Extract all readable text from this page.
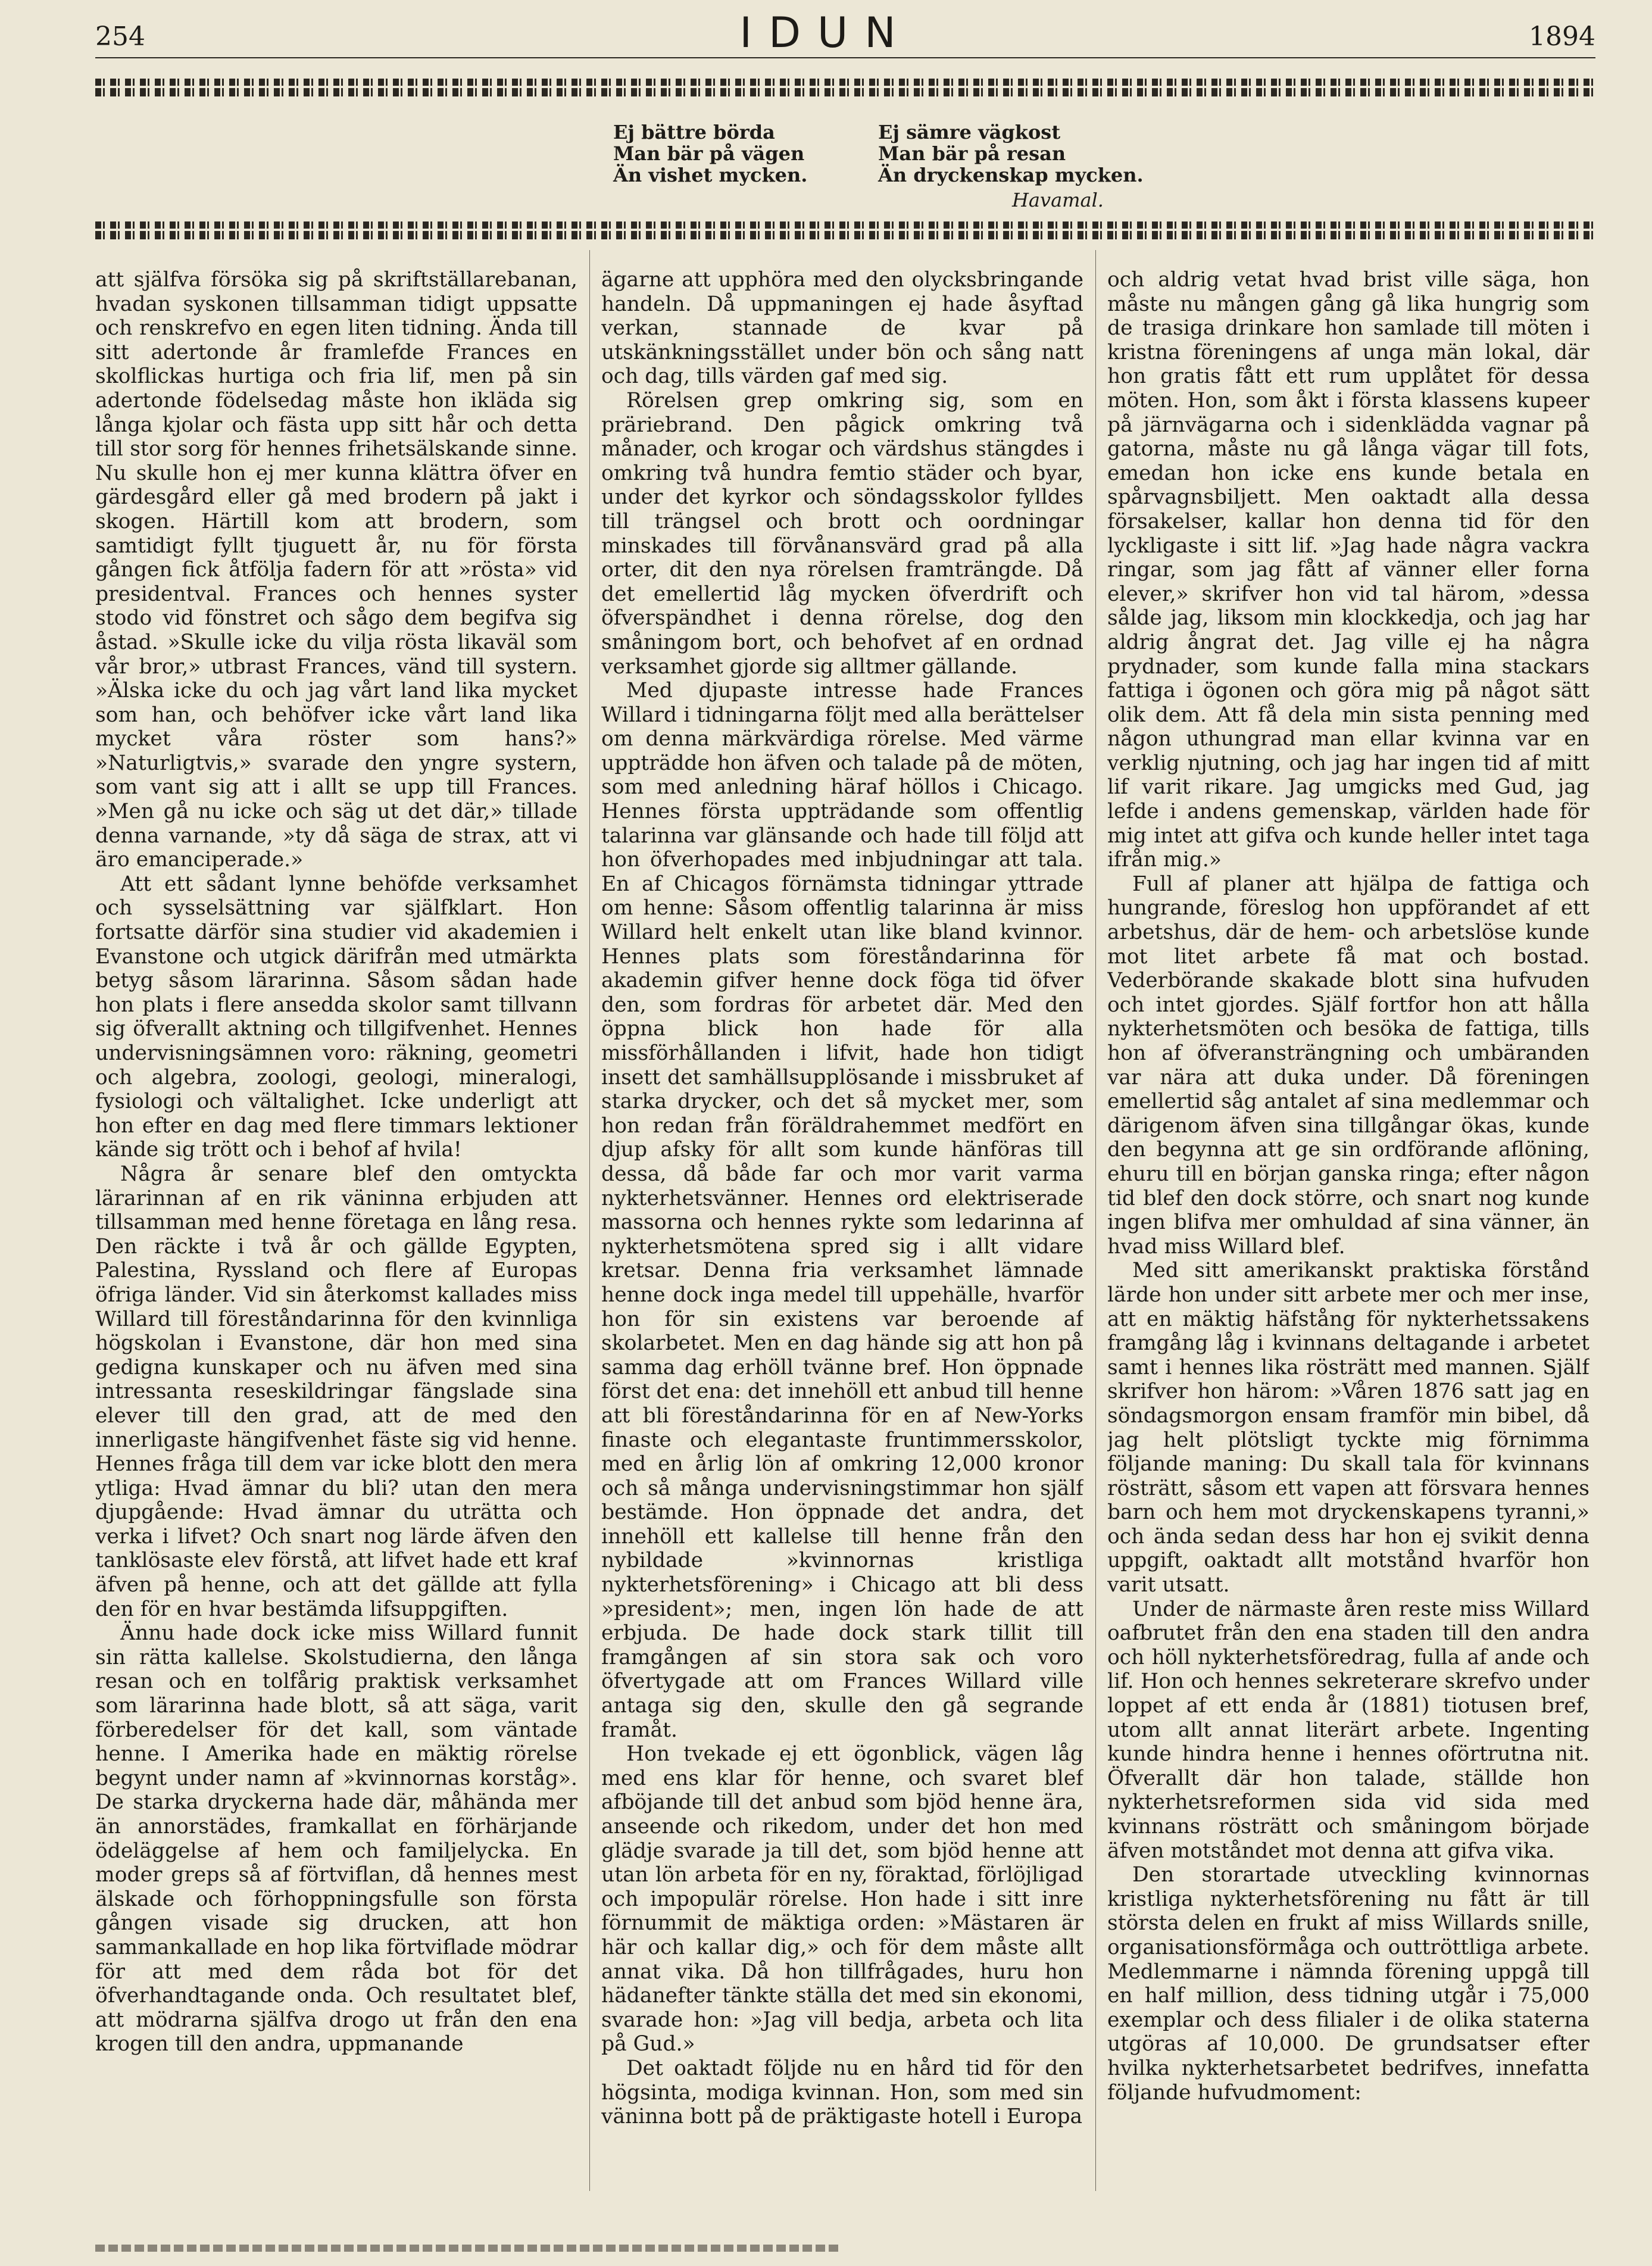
254	IDUN	1894
Ej bättre börda
Man bär på vägen
Än vishet mycken.
Ej sämre vägkost
Man bär på resan
Än dryckenskap mycken.
Havamal.

att själfva försöka sig på skriftställarebanan, hvadan syskonen tillsamman tidigt uppsatte och renskrefvo en egen liten tidning. Ända till sitt adertonde år framlefde Frances en skolflickas hurtiga och fria lif, men på sin adertonde födelsedag måste hon ikläda sig långa kjolar och fästa upp sitt hår och detta till stor sorg för hennes frihetsälskande sinne. Nu skulle hon ej mer kunna klättra öfver en gärdesgård eller gå med brodern på jakt i skogen. Härtill kom att brodern, som samtidigt fyllt tjuguett år, nu för första gången fick åtfölja fadern för att »rösta» vid presidentval. Frances och hennes syster stodo vid fönstret och sågo dem begifva sig åstad. »Skulle icke du vilja rösta likaväl som vår bror,» utbrast Frances, vänd till systern. »Älska icke du och jag vårt land lika mycket som han, och behöfver icke vårt land lika mycket våra röster som hans?» »Naturligtvis,» svarade den yngre systern, som vant sig att i allt se upp till Frances. »Men gå nu icke och säg ut det där,» tillade denna varnande, »ty då säga de strax, att vi äro emanciperade.»

Att ett sådant lynne behöfde verksamhet och sysselsättning var själfklart. Hon fortsatte därför sina studier vid akademien i Evanstone och utgick därifrån med utmärkta betyg såsom lärarinna. Såsom sådan hade hon plats i flere ansedda skolor samt tillvann sig öfverallt aktning och tillgifvenhet. Hennes undervisningsämnen voro: räkning, geometri och algebra, zoologi, geologi, mineralogi, fysiologi och vältalighet. Icke underligt att hon efter en dag med flere timmars lektioner kände sig trött och i behof af hvila!

Några år senare blef den omtyckta lärarinnan af en rik väninna erbjuden att tillsamman med henne företaga en lång resa. Den räckte i två år och gällde Egypten, Palestina, Ryssland och flere af Europas öfriga länder. Vid sin återkomst kallades miss Willard till föreståndarinna för den kvinnliga högskolan i Evanstone, där hon med sina gedigna kunskaper och nu äfven med sina intressanta reseskildringar fängslade sina elever till den grad, att de med den innerligaste hängifvenhet fäste sig vid henne. Hennes fråga till dem var icke blott den mera ytliga: Hvad ämnar du bli? utan den mera djupgående: Hvad ämnar du uträtta och verka i lifvet? Och snart nog lärde äfven den tanklösaste elev förstå, att lifvet hade ett kraf äfven på henne, och att det gällde att fylla den för en hvar bestämda lifsuppgiften.

Ännu hade dock icke miss Willard funnit sin rätta kallelse. Skolstudierna, den långa resan och en tolfårig praktisk verksamhet som lärarinna hade blott, så att säga, varit förberedelser för det kall, som väntade henne. I Amerika hade en mäktig rörelse begynt under namn af »kvinnornas korståg». De starka dryckerna hade där, måhända mer än annorstädes, framkallat en förhärjande ödeläggelse af hem och familjelycka. En moder greps så af förtviflan, då hennes mest älskade och förhoppningsfulle son första gången visade sig drucken, att hon sammankallade en hop lika förtviflade mödrar för att med dem råda bot för det öfverhandtagande onda. Och resultatet blef, att mödrarna själfva drogo ut från den ena krogen till den andra, uppmanande

ägarne att upphöra med den olycksbringande handeln. Då uppmaningen ej hade åsyftad verkan, stannade de kvar på utskänkningsstället under bön och sång natt och dag, tills värden gaf med sig.

Rörelsen grep omkring sig, som en präriebrand. Den pågick omkring två månader, och krogar och värdshus stängdes i omkring två hundra femtio städer och byar, under det kyrkor och söndagsskolor fylldes till trängsel och brott och oordningar minskades till förvånansvärd grad på alla orter, dit den nya rörelsen framträngde. Då det emellertid låg mycken öfverdrift och öfverspändhet i denna rörelse, dog den småningom bort, och behofvet af en ordnad verksamhet gjorde sig alltmer gällande.

Med djupaste intresse hade Frances Willard i tidningarna följt med alla berättelser om denna märkvärdiga rörelse. Med värme uppträdde hon äfven och talade på de möten, som med anledning häraf höllos i Chicago. Hennes första uppträdande som offentlig talarinna var glänsande och hade till följd att hon öfverhopades med inbjudningar att tala. En af Chicagos förnämsta tidningar yttrade om henne: Såsom offentlig talarinna är miss Willard helt enkelt utan like bland kvinnor. Hennes plats som föreståndarinna för akademin gifver henne dock föga tid öfver den, som fordras för arbetet där. Med den öppna blick hon hade för alla missförhållanden i lifvit, hade hon tidigt insett det samhällsupplösande i missbruket af starka drycker, och det så mycket mer, som hon redan från föräldrahemmet medfört en djup afsky för allt som kunde hänföras till dessa, då både far och mor varit varma nykterhetsvänner. Hennes ord elektriserade massorna och hennes rykte som ledarinna af nykterhetsmötena spred sig i allt vidare kretsar. Denna fria verksamhet lämnade henne dock inga medel till uppehälle, hvarför hon för sin existens var beroende af skolarbetet. Men en dag hände sig att hon på samma dag erhöll tvänne bref. Hon öppnade först det ena: det innehöll ett anbud till henne att bli föreståndarinna för en af New-Yorks finaste och elegantaste fruntimmersskolor, med en årlig lön af omkring 12,000 kronor och så många undervisningstimmar hon själf bestämde. Hon öppnade det andra, det innehöll ett kallelse till henne från den nybildade »kvinnornas kristliga nykterhetsförening» i Chicago att bli dess »president»; men, ingen lön hade de att erbjuda. De hade dock stark tillit till framgången af sin stora sak och voro öfvertygade att om Frances Willard ville antaga sig den, skulle den gå segrande framåt.

Hon tvekade ej ett ögonblick, vägen låg med ens klar för henne, och svaret blef afböjande till det anbud som bjöd henne ära, anseende och rikedom, under det hon med glädje svarade ja till det, som bjöd henne att utan lön arbeta för en ny, föraktad, förlöjligad och impopulär rörelse. Hon hade i sitt inre förnummit de mäktiga orden: »Mästaren är här och kallar dig,» och för dem måste allt annat vika. Då hon tillfrågades, huru hon hädanefter tänkte ställa det med sin ekonomi, svarade hon: »Jag vill bedja, arbeta och lita på Gud.»

Det oaktadt följde nu en hård tid för den högsinta, modiga kvinnan. Hon, som med sin väninna bott på de präktigaste hotell i Europa

och aldrig vetat hvad brist ville säga, hon måste nu mången gång gå lika hungrig som de trasiga drinkare hon samlade till möten i kristna föreningens af unga män lokal, där hon gratis fått ett rum upplåtet för dessa möten. Hon, som åkt i första klassens kupeer på järnvägarna och i sidenklädda vagnar på gatorna, måste nu gå långa vägar till fots, emedan hon icke ens kunde betala en spårvagnsbiljett. Men oaktadt alla dessa försakelser, kallar hon denna tid för den lyckligaste i sitt lif. »Jag hade några vackra ringar, som jag fått af vänner eller forna elever,» skrifver hon vid tal härom, »dessa sålde jag, liksom min klockkedja, och jag har aldrig ångrat det. Jag ville ej ha några prydnader, som kunde falla mina stackars fattiga i ögonen och göra mig på något sätt olik dem. Att få dela min sista penning med någon uthungrad man ellar kvinna var en verklig njutning, och jag har ingen tid af mitt lif varit rikare. Jag umgicks med Gud, jag lefde i andens gemenskap, världen hade för mig intet att gifva och kunde heller intet taga ifrån mig.»

Full af planer att hjälpa de fattiga och hungrande, föreslog hon uppförandet af ett arbetshus, där de hem- och arbetslöse kunde mot litet arbete få mat och bostad. Vederbörande skakade blott sina hufvuden och intet gjordes. Själf fortfor hon att hålla nykterhetsmöten och besöka de fattiga, tills hon af öfveransträngning och umbäranden var nära att duka under. Då föreningen emellertid såg antalet af sina medlemmar och därigenom äfven sina tillgångar ökas, kunde den begynna att ge sin ordförande aflöning, ehuru till en början ganska ringa; efter någon tid blef den dock större, och snart nog kunde ingen blifva mer omhuldad af sina vänner, än hvad miss Willard blef.

Med sitt amerikanskt praktiska förstånd lärde hon under sitt arbete mer och mer inse, att en mäktig häfstång för nykterhetssakens framgång låg i kvinnans deltagande i arbetet samt i hennes lika rösträtt med mannen. Själf skrifver hon härom: »Våren 1876 satt jag en söndagsmorgon ensam framför min bibel, då jag helt plötsligt tyckte mig förnimma följande maning: Du skall tala för kvinnans rösträtt, såsom ett vapen att försvara hennes barn och hem mot dryckenskapens tyranni,» och ända sedan dess har hon ej svikit denna uppgift, oaktadt allt motstånd hvarför hon varit utsatt.

Under de närmaste åren reste miss Willard oafbrutet från den ena staden till den andra och höll nykterhetsföredrag, fulla af ande och lif. Hon och hennes sekreterare skrefvo under loppet af ett enda år (1881) tiotusen bref, utom allt annat literärt arbete. Ingenting kunde hindra henne i hennes oförtrutna nit. Öfverallt där hon talade, ställde hon nykterhetsreformen sida vid sida med kvinnans rösträtt och småningom började äfven motståndet mot denna att gifva vika.

Den storartade utveckling kvinnornas kristliga nykterhetsförening nu fått är till största delen en frukt af miss Willards snille, organisationsförmåga och outtröttliga arbete. Medlemmarne i nämnda förening uppgå till en half million, dess tidning utgår i 75,000 exemplar och dess filialer i de olika staterna utgöras af 10,000. De grundsatser efter hvilka nykterhetsarbetet bedrifves, innefatta följande hufvudmoment:
